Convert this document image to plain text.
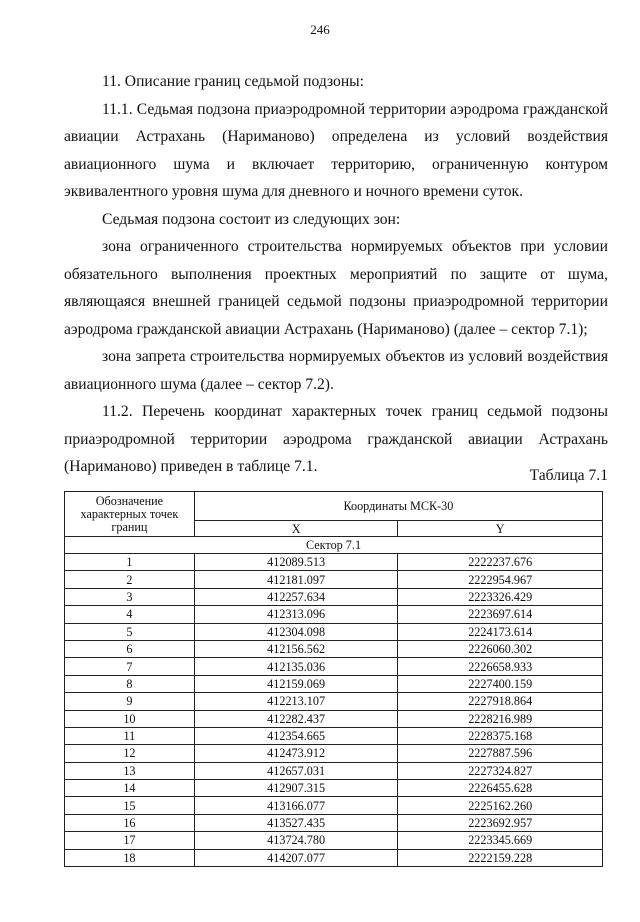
246

11. Описание границ седьмой подзоны:

11.1. Седьмая подзона приаэродромной территории аэродрома гражданской авиации Астрахань (Нариманово) определена из условий воздействия авиационного шума и включает территорию, ограниченную контуром эквивалентного уровня шума для дневного и ночного времени суток.

Седьмая подзона состоит из следующих зон:

зона ограниченного строительства нормируемых объектов при условии обязательного выполнения проектных мероприятий по защите от шума, являющаяся внешней границей седьмой подзоны приаэродромной территории аэродрома гражданской авиации Астрахань (Нариманово) (далее – сектор 7.1);

зона запрета строительства нормируемых объектов из условий воздействия авиационного шума (далее – сектор 7.2).

11.2. Перечень координат характерных точек границ седьмой подзоны приаэродромной территории аэродрома гражданской авиации Астрахань (Нариманово) приведен в таблице 7.1.

Таблица 7.1
Обозначение характерных точек границ	Координаты МСК-30	
	X	Y
Сектор 7.1		
1	412089.513	2222237.676
2	412181.097	2222954.967
3	412257.634	2223326.429
4	412313.096	2223697.614
5	412304.098	2224173.614
6	412156.562	2226060.302
7	412135.036	2226658.933
8	412159.069	2227400.159
9	412213.107	2227918.864
10	412282.437	2228216.989
11	412354.665	2228375.168
12	412473.912	2227887.596
13	412657.031	2227324.827
14	412907.315	2226455.628
15	413166.077	2225162.260
16	413527.435	2223692.957
17	413724.780	2223345.669
18	414207.077	2222159.228
